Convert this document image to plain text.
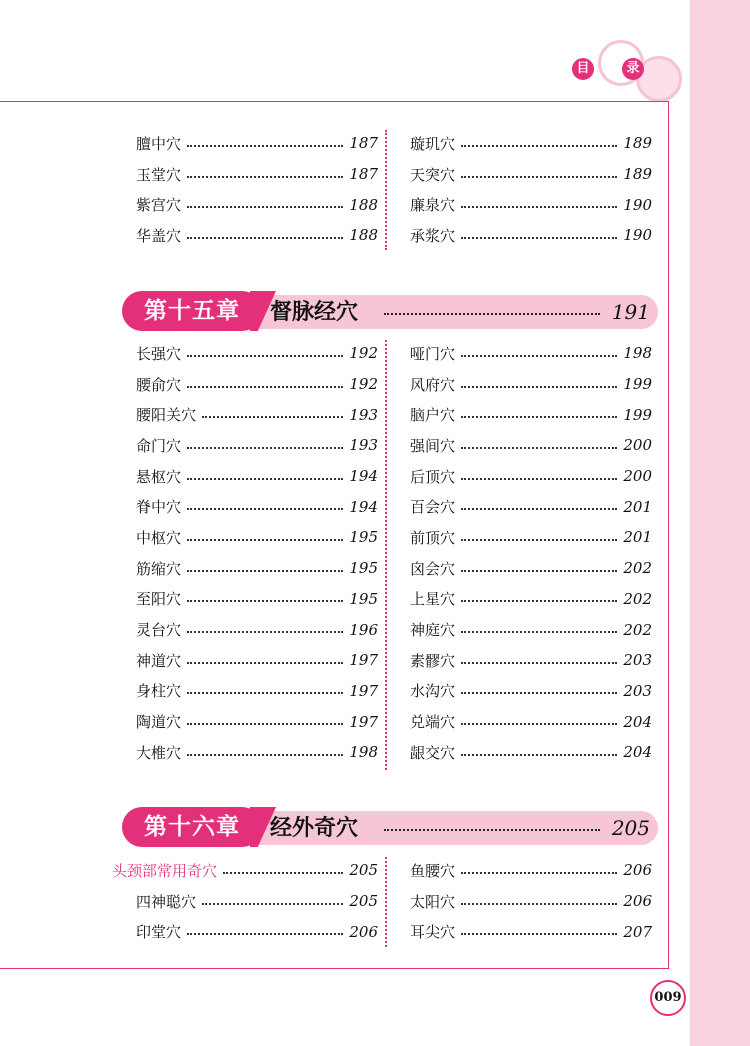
目	录
膻中穴	187
玉堂穴	187
紫宫穴	188
华盖穴	188
璇玑穴	189
天突穴	189
廉泉穴	190
承浆穴	190
第十五章	督脉经穴	191
长强穴	192
腰俞穴	192
腰阳关穴	193
命门穴	193
悬枢穴	194
脊中穴	194
中枢穴	195
筋缩穴	195
至阳穴	195
灵台穴	196
神道穴	197
身柱穴	197
陶道穴	197
大椎穴	198
哑门穴	198
风府穴	199
脑户穴	199
强间穴	200
后顶穴	200
百会穴	201
前顶穴	201
囟会穴	202
上星穴	202
神庭穴	202
素髎穴	203
水沟穴	203
兑端穴	204
龈交穴	204
第十六章	经外奇穴	205
头颈部常用奇穴	205
四神聪穴	205
印堂穴	206
鱼腰穴	206
太阳穴	206
耳尖穴	207
009
